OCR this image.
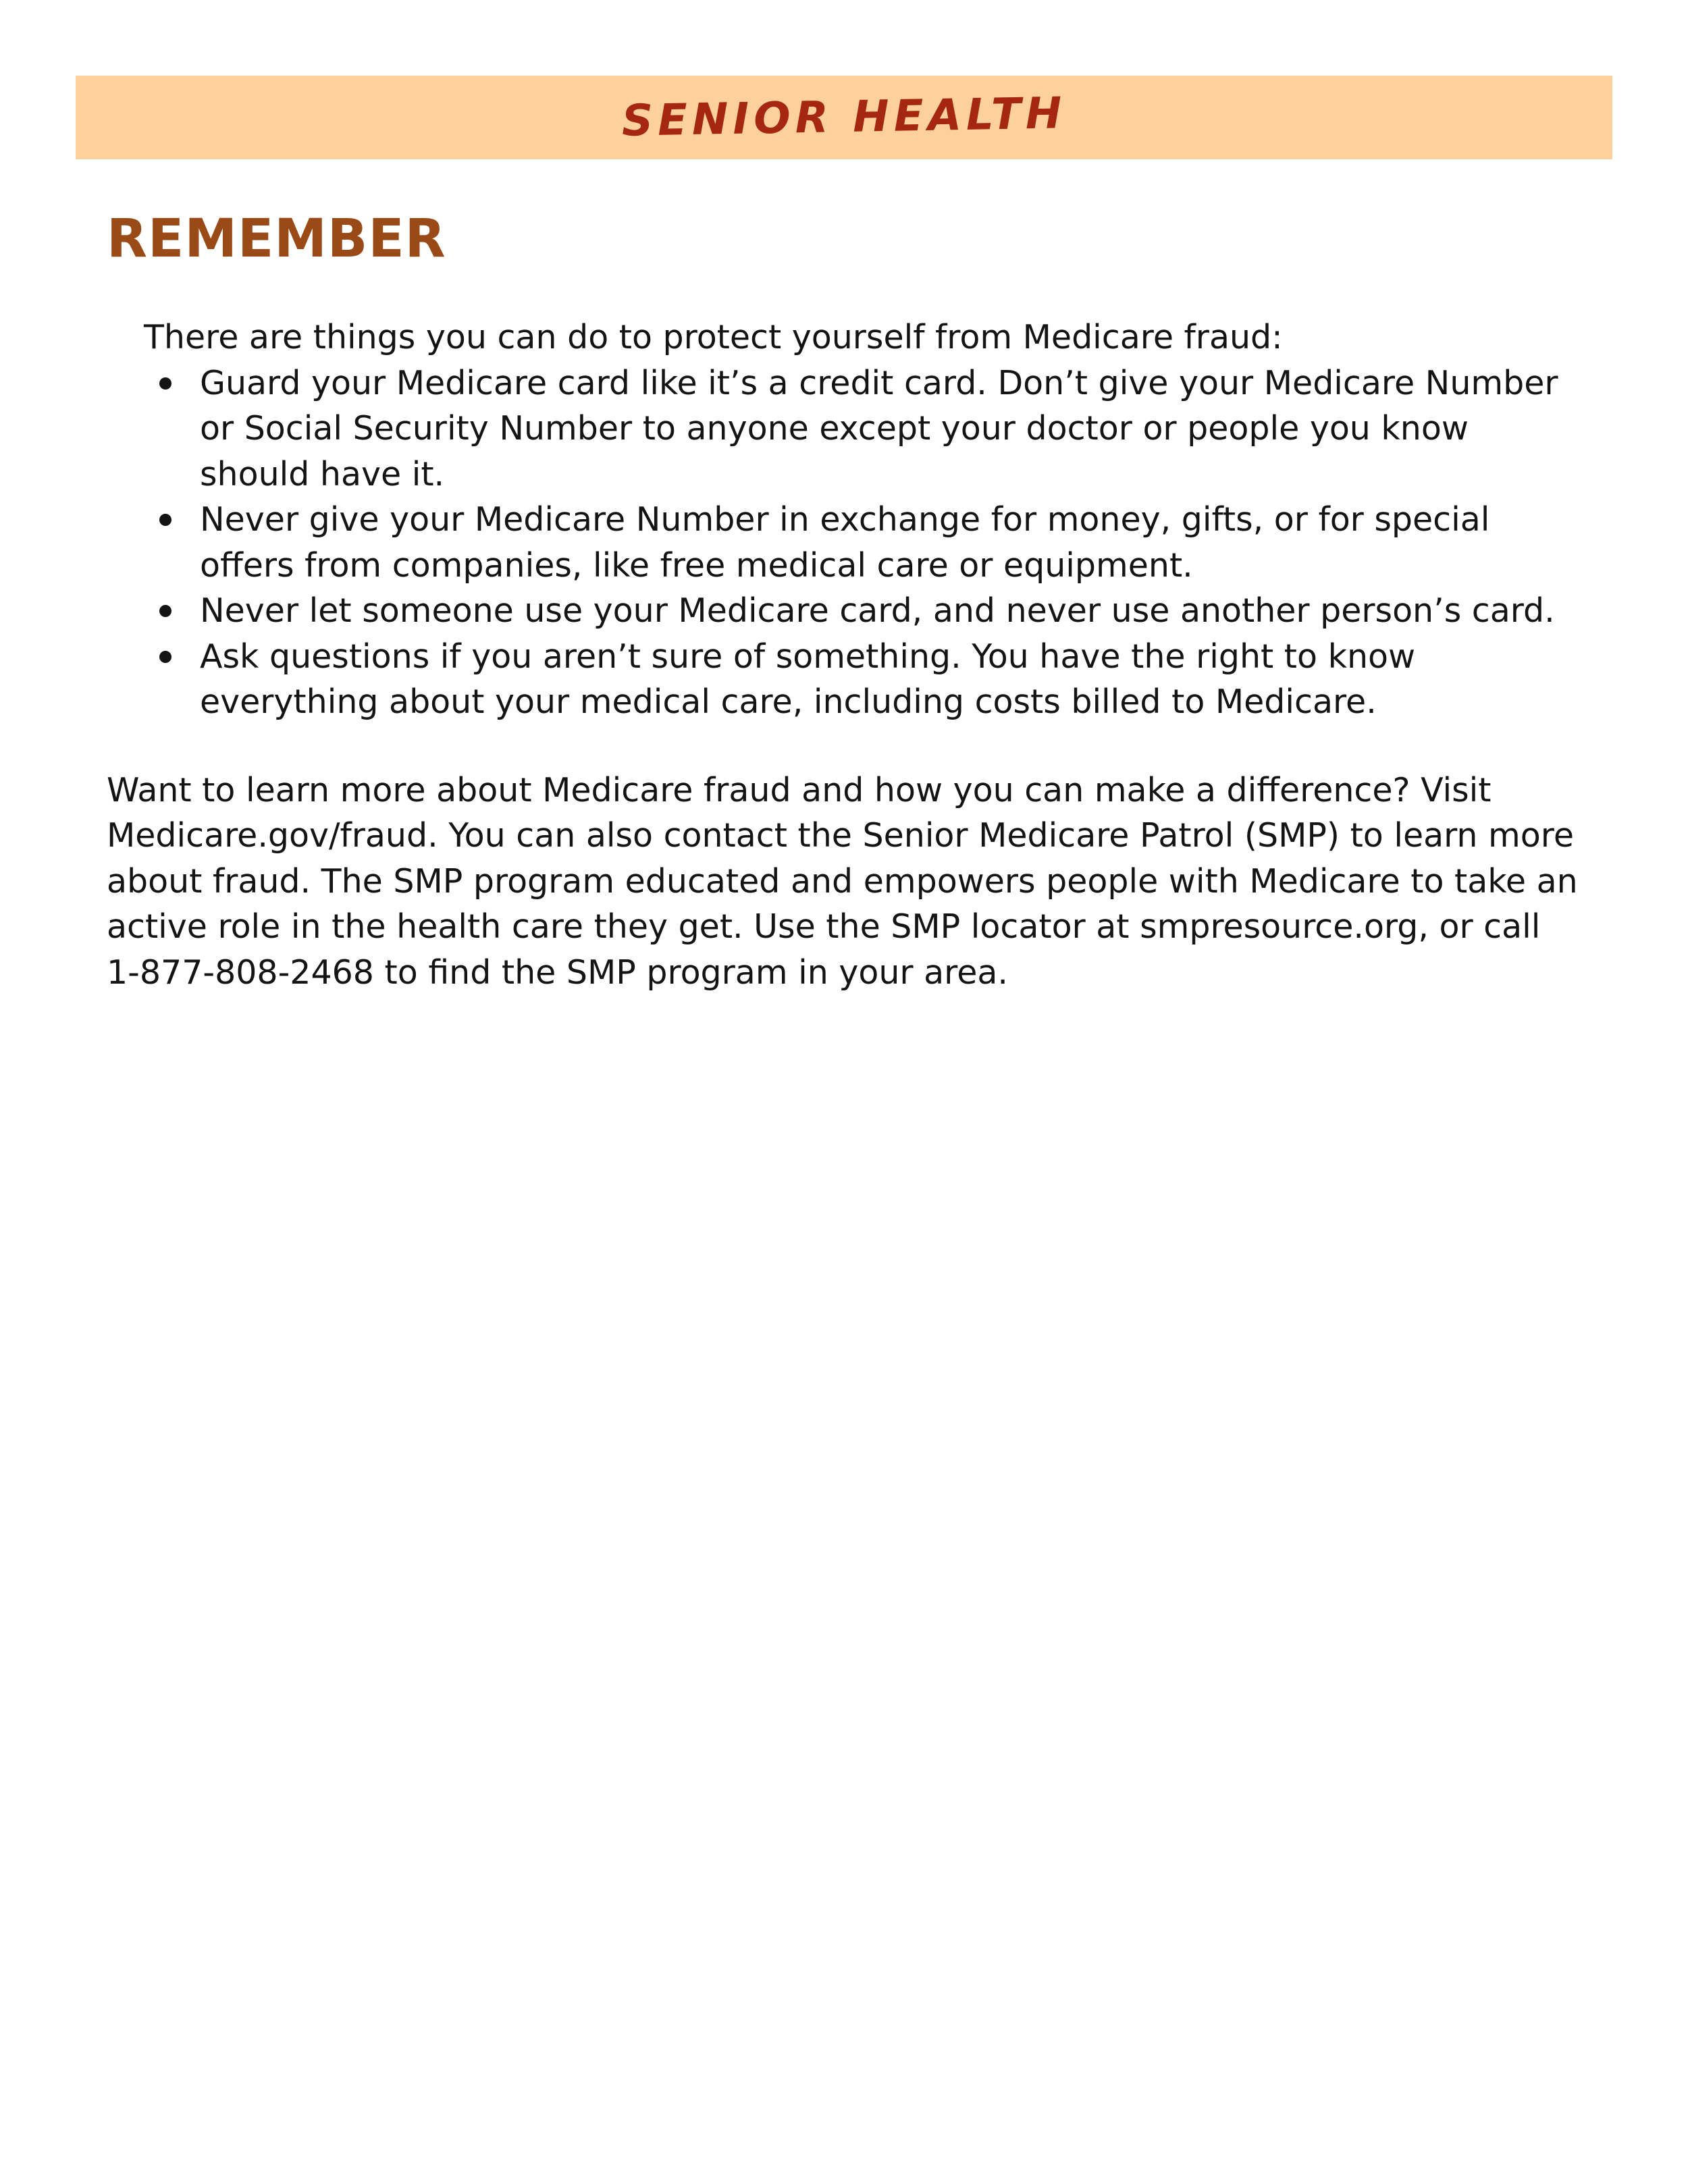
SENIOR HEALTH
REMEMBER

There are things you can do to protect yourself from Medicare fraud:

Guard your Medicare card like it’s a credit card. Don’t give your Medicare Number or Social Security Number to anyone except your doctor or people you know should have it.
Never give your Medicare Number in exchange for money, gifts, or for special offers from companies, like free medical care or equipment.
Never let someone use your Medicare card, and never use another person’s card.
Ask questions if you aren’t sure of something. You have the right to know everything about your medical care, including costs billed to Medicare.

Want to learn more about Medicare fraud and how you can make a difference? Visit Medicare.gov/fraud. You can also contact the Senior Medicare Patrol (SMP) to learn more about fraud. The SMP program educated and empowers people with Medicare to take an active role in the health care they get. Use the SMP locator at smpresource.org, or call 1-877-808-2468 to find the SMP program in your area.
